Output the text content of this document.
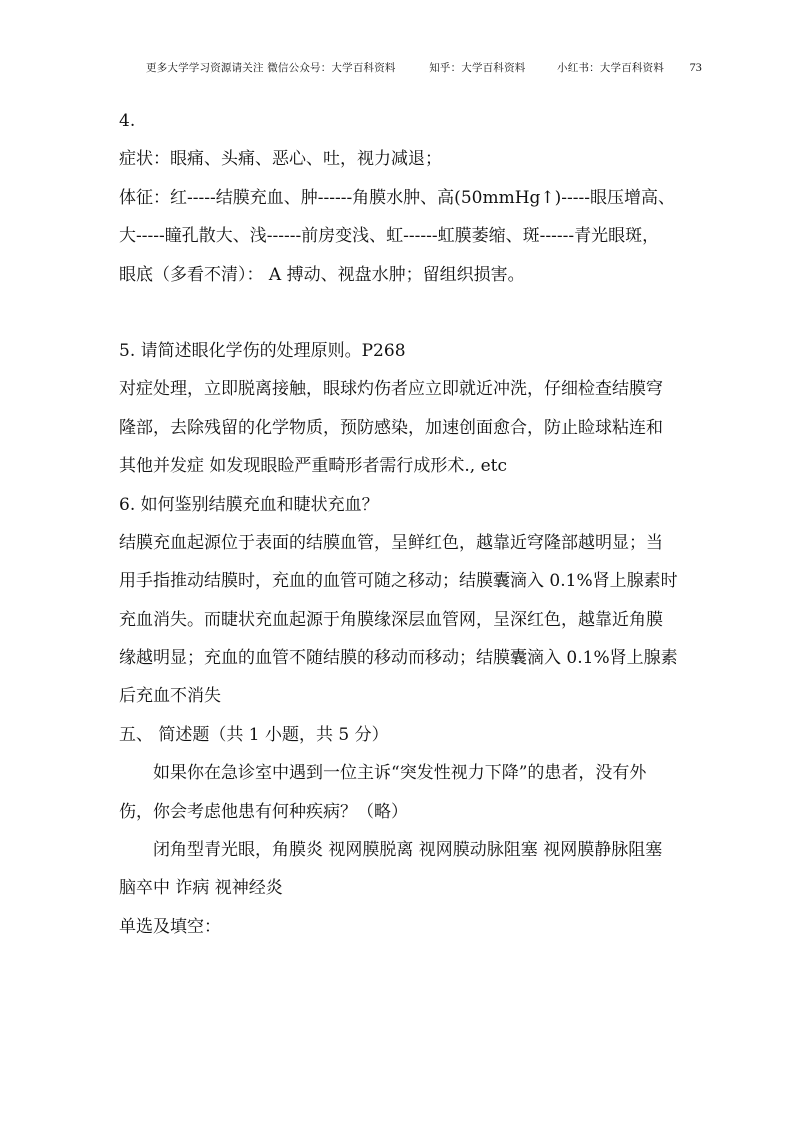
更多大学学习资源请关注 微信公众号：大学百科资料	知乎：大学百科资料	小红书：大学百科资料 73
4.
症状：眼痛、头痛、恶心、吐，视力减退；
体征：红-----结膜充血、肿------角膜水肿、高(50mmHg↑)-----眼压增高、
大-----瞳孔散大、浅------前房变浅、虹------虹膜萎缩、斑------青光眼斑，
眼底（多看不清）： A 搏动、视盘水肿；留组织损害。
5. 请简述眼化学伤的处理原则。P268
对症处理，立即脱离接触，眼球灼伤者应立即就近冲洗，仔细检查结膜穹
隆部，去除残留的化学物质，预防感染，加速创面愈合，防止睑球粘连和
其他并发症 如发现眼睑严重畸形者需行成形术., etc
6. 如何鉴别结膜充血和睫状充血？
结膜充血起源位于表面的结膜血管，呈鲜红色，越靠近穹隆部越明显；当
用手指推动结膜时，充血的血管可随之移动；结膜囊滴入 0.1%肾上腺素时
充血消失。而睫状充血起源于角膜缘深层血管网，呈深红色，越靠近角膜
缘越明显；充血的血管不随结膜的移动而移动；结膜囊滴入 0.1%肾上腺素
后充血不消失
五、 简述题（共 1 小题，共 5 分）
如果你在急诊室中遇到一位主诉“突发性视力下降”的患者，没有外
伤，你会考虑他患有何种疾病？（略）
闭角型青光眼，角膜炎 视网膜脱离 视网膜动脉阻塞 视网膜静脉阻塞
脑卒中 诈病 视神经炎
单选及填空：
